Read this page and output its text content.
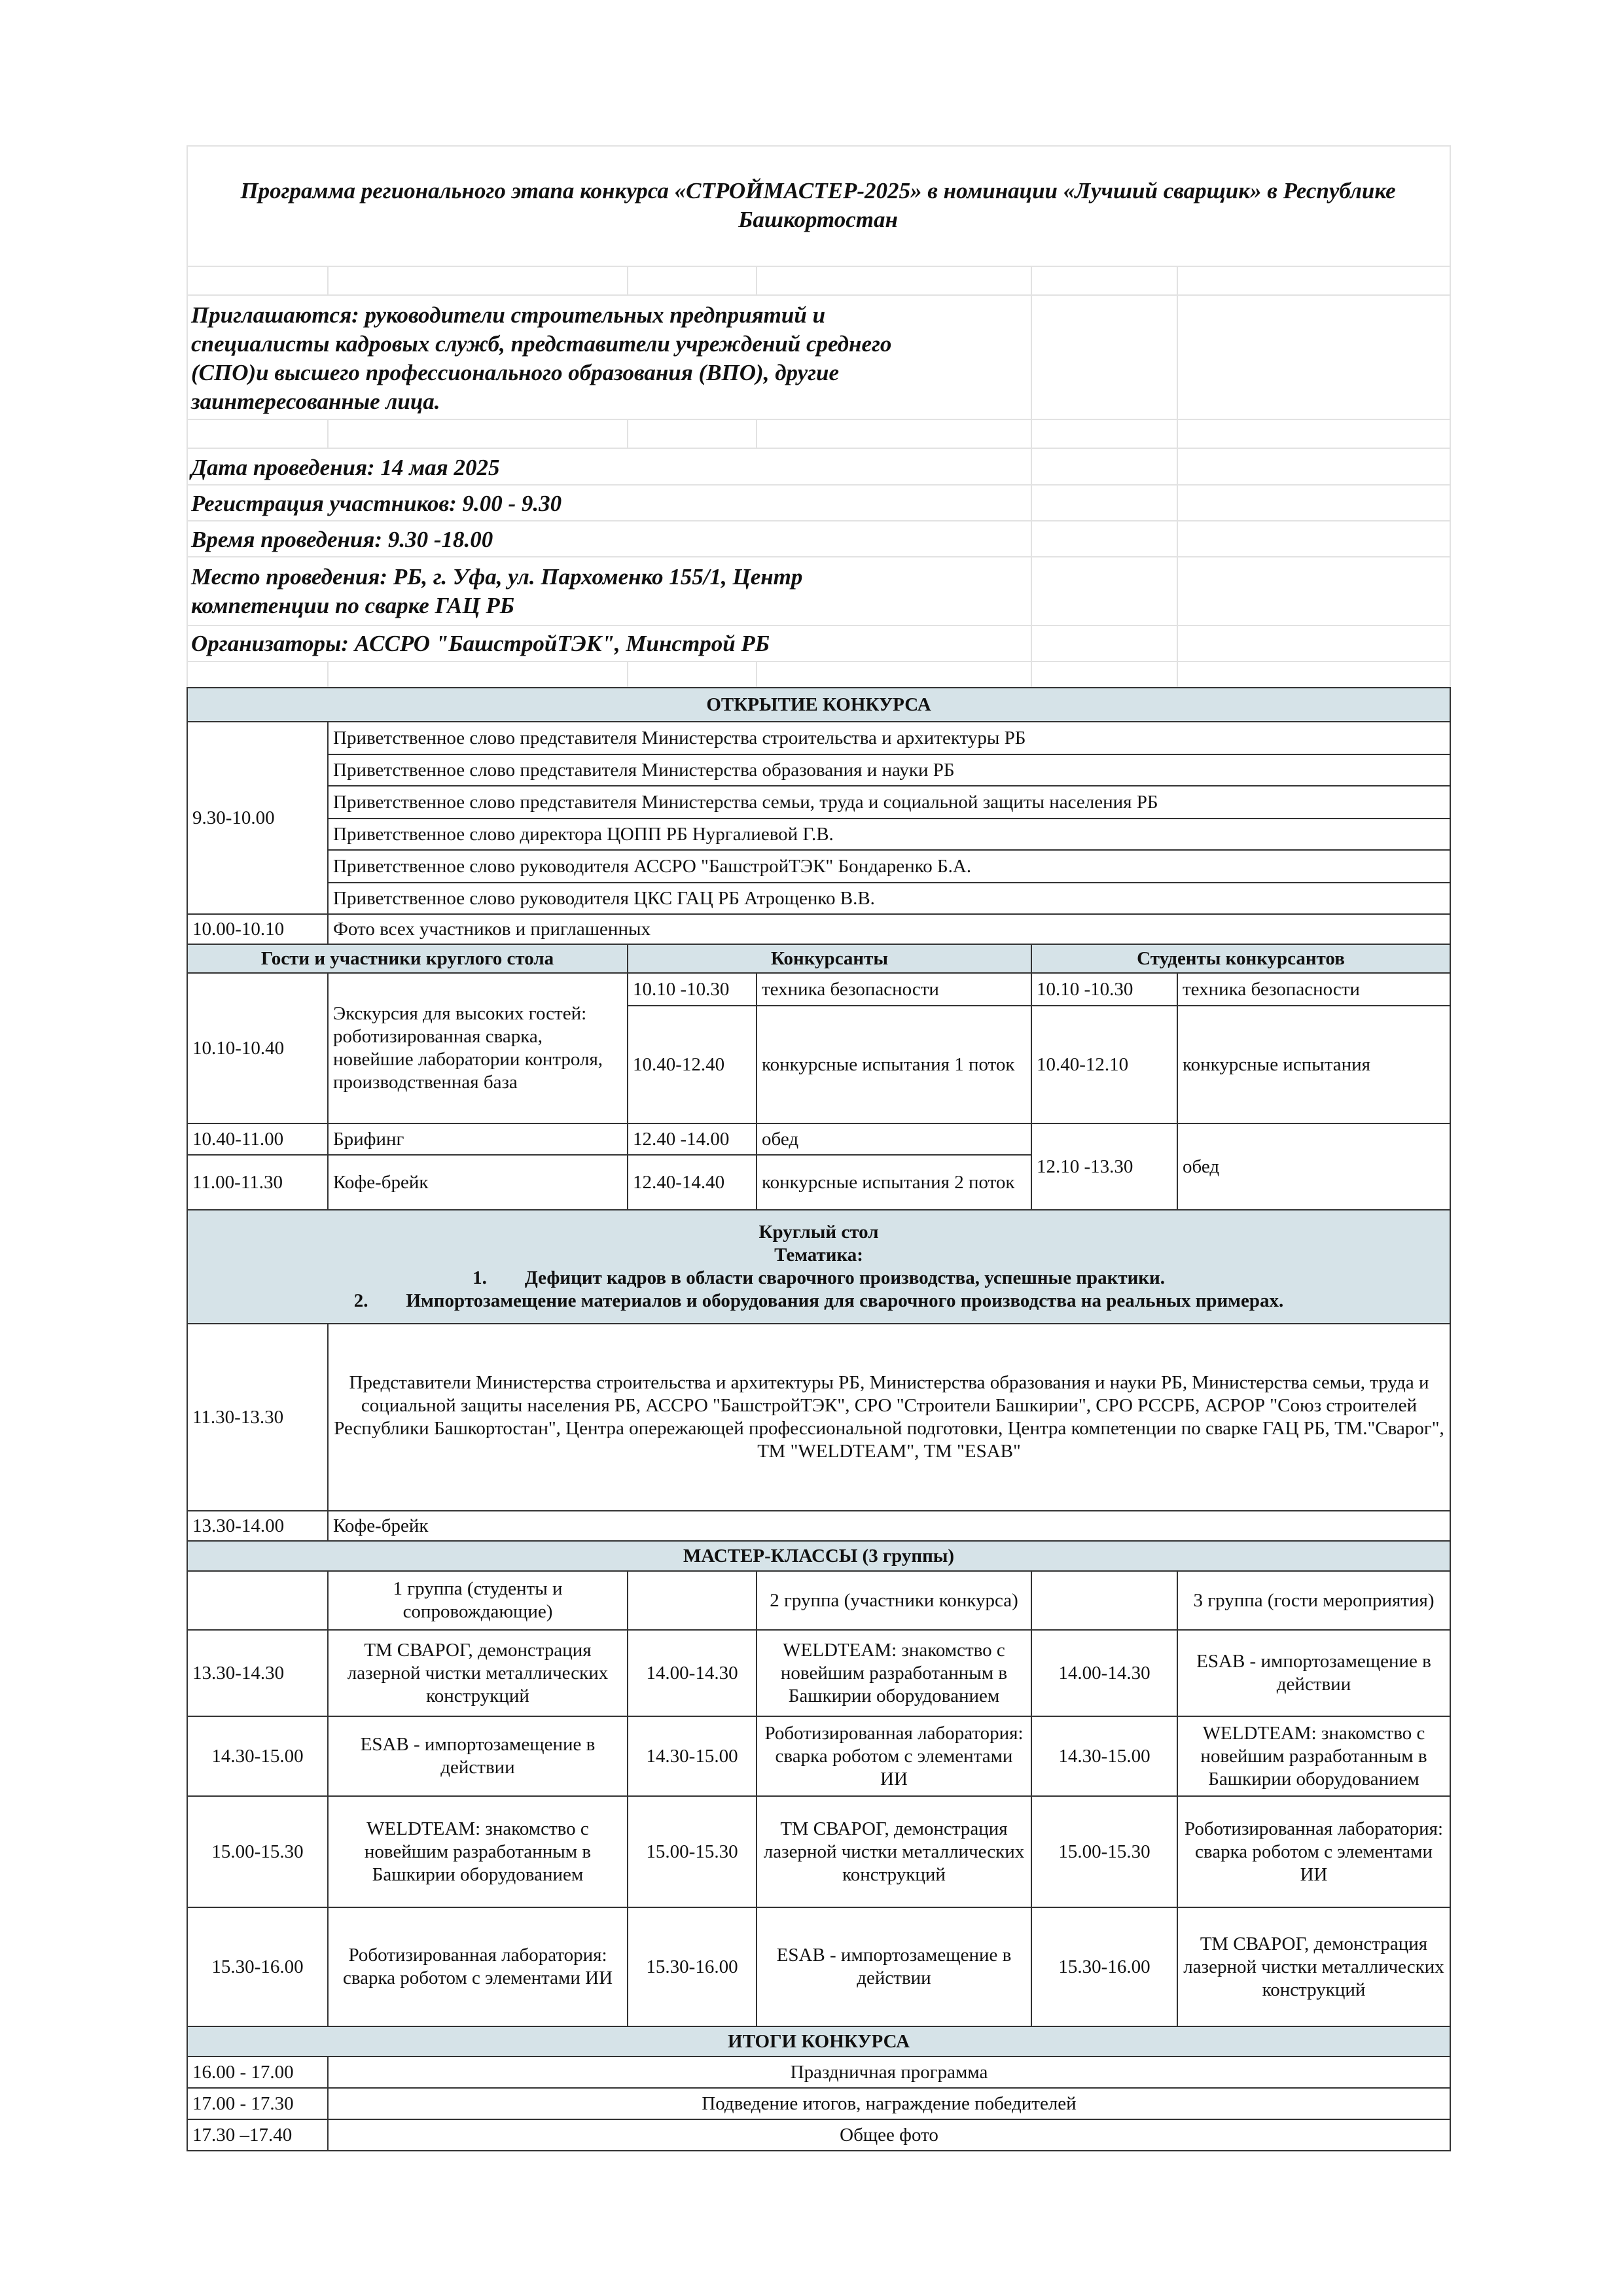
Программа регионального этапа конкурса «СТРОЙМАСТЕР-2025» в номинации «Лучший сварщик» в Республике Башкортостан
Приглашаются: руководители строительных предприятий и
специалисты кадровых служб, представители учреждений среднего
(СПО)и высшего профессионального образования (ВПО), другие
заинтересованные лица.
Дата проведения: 14 мая 2025
Регистрация участников: 9.00 - 9.30
Время проведения: 9.30 -18.00
Место проведения: РБ, г. Уфа, ул. Пархоменко 155/1, Центр
компетенции по сварке ГАЦ РБ
Организаторы: АССРО "БашстройТЭК", Минстрой РБ
ОТКРЫТИЕ КОНКУРСА					
9.30-10.00	Приветственное слово представителя Министерства строительства и архитектуры РБ				
	Приветственное слово представителя Министерства образования и науки РБ				
	Приветственное слово представителя Министерства семьи, труда и социальной защиты населения РБ				
	Приветственное слово директора ЦОПП РБ Нургалиевой Г.В.				
	Приветственное слово руководителя АССРО "БашстройТЭК" Бондаренко Б.А.				
	Приветственное слово руководителя ЦКС ГАЦ РБ Атрощенко В.В.				
10.00-10.10	Фото всех участников и приглашенных				
Гости и участники круглого стола		Конкурсанты		Студенты конкурсантов	
10.10-10.40	Экскурсия для высоких гостей: роботизированная сварка, новейшие лаборатории контроля, производственная база	10.10 -10.30	техника безопасности	10.10 -10.30	техника безопасности
		10.40-12.40	конкурсные испытания 1 поток	10.40-12.10	конкурсные испытания
10.40-11.00	Брифинг	12.40 -14.00	обед	12.10 -13.30	обед
11.00-11.30	Кофе-брейк	12.40-14.40	конкурсные испытания 2 поток		

Круглый стол
Тематика:
1.        Дефицит кадров в области сварочного производства, успешные практики.
2.        Импортозамещение материалов и оборудования для сварочного производства на реальных примерах.					

11.30-13.30	Представители Министерства строительства и архитектуры РБ, Министерства образования и науки РБ, Министерства семьи, труда и социальной защиты населения РБ, АССРО "БашстройТЭК", СРО "Строители Башкирии", СРО РССРБ, АСРОР "Союз строителей Республики Башкортостан", Центра опережающей профессиональной подготовки, Центра компетенции по сварке ГАЦ РБ, ТМ."Сварог", ТМ "WELDTEAM", ТМ "ESAB"				
13.30-14.00	Кофе-брейк				
МАСТЕР-КЛАССЫ (3 группы)					
	1 группа (студенты и сопровождающие)		2 группа (участники конкурса)		3 группа (гости мероприятия)
13.30-14.30	ТМ СВАРОГ, демонстрация лазерной чистки металлических конструкций	14.00-14.30	WELDTEAM: знакомство с новейшим разработанным в Башкирии оборудованием	14.00-14.30	ESAB - импортозамещение в действии
14.30-15.00	ESAB - импортозамещение в действии	14.30-15.00	Роботизированная лаборатория: сварка роботом с элементами ИИ	14.30-15.00	WELDTEAM: знакомство с новейшим разработанным в Башкирии оборудованием
15.00-15.30	WELDTEAM: знакомство с новейшим разработанным в Башкирии оборудованием	15.00-15.30	ТМ СВАРОГ, демонстрация лазерной чистки металлических конструкций	15.00-15.30	Роботизированная лаборатория: сварка роботом с элементами ИИ
15.30-16.00	Роботизированная лаборатория: сварка роботом с элементами ИИ	15.30-16.00	ESAB - импортозамещение в действии	15.30-16.00	ТМ СВАРОГ, демонстрация лазерной чистки металлических конструкций
ИТОГИ КОНКУРСА					
16.00 - 17.00	Праздничная программа				
17.00 - 17.30	Подведение итогов, награждение победителей				
17.30 –17.40	Общее фото				
